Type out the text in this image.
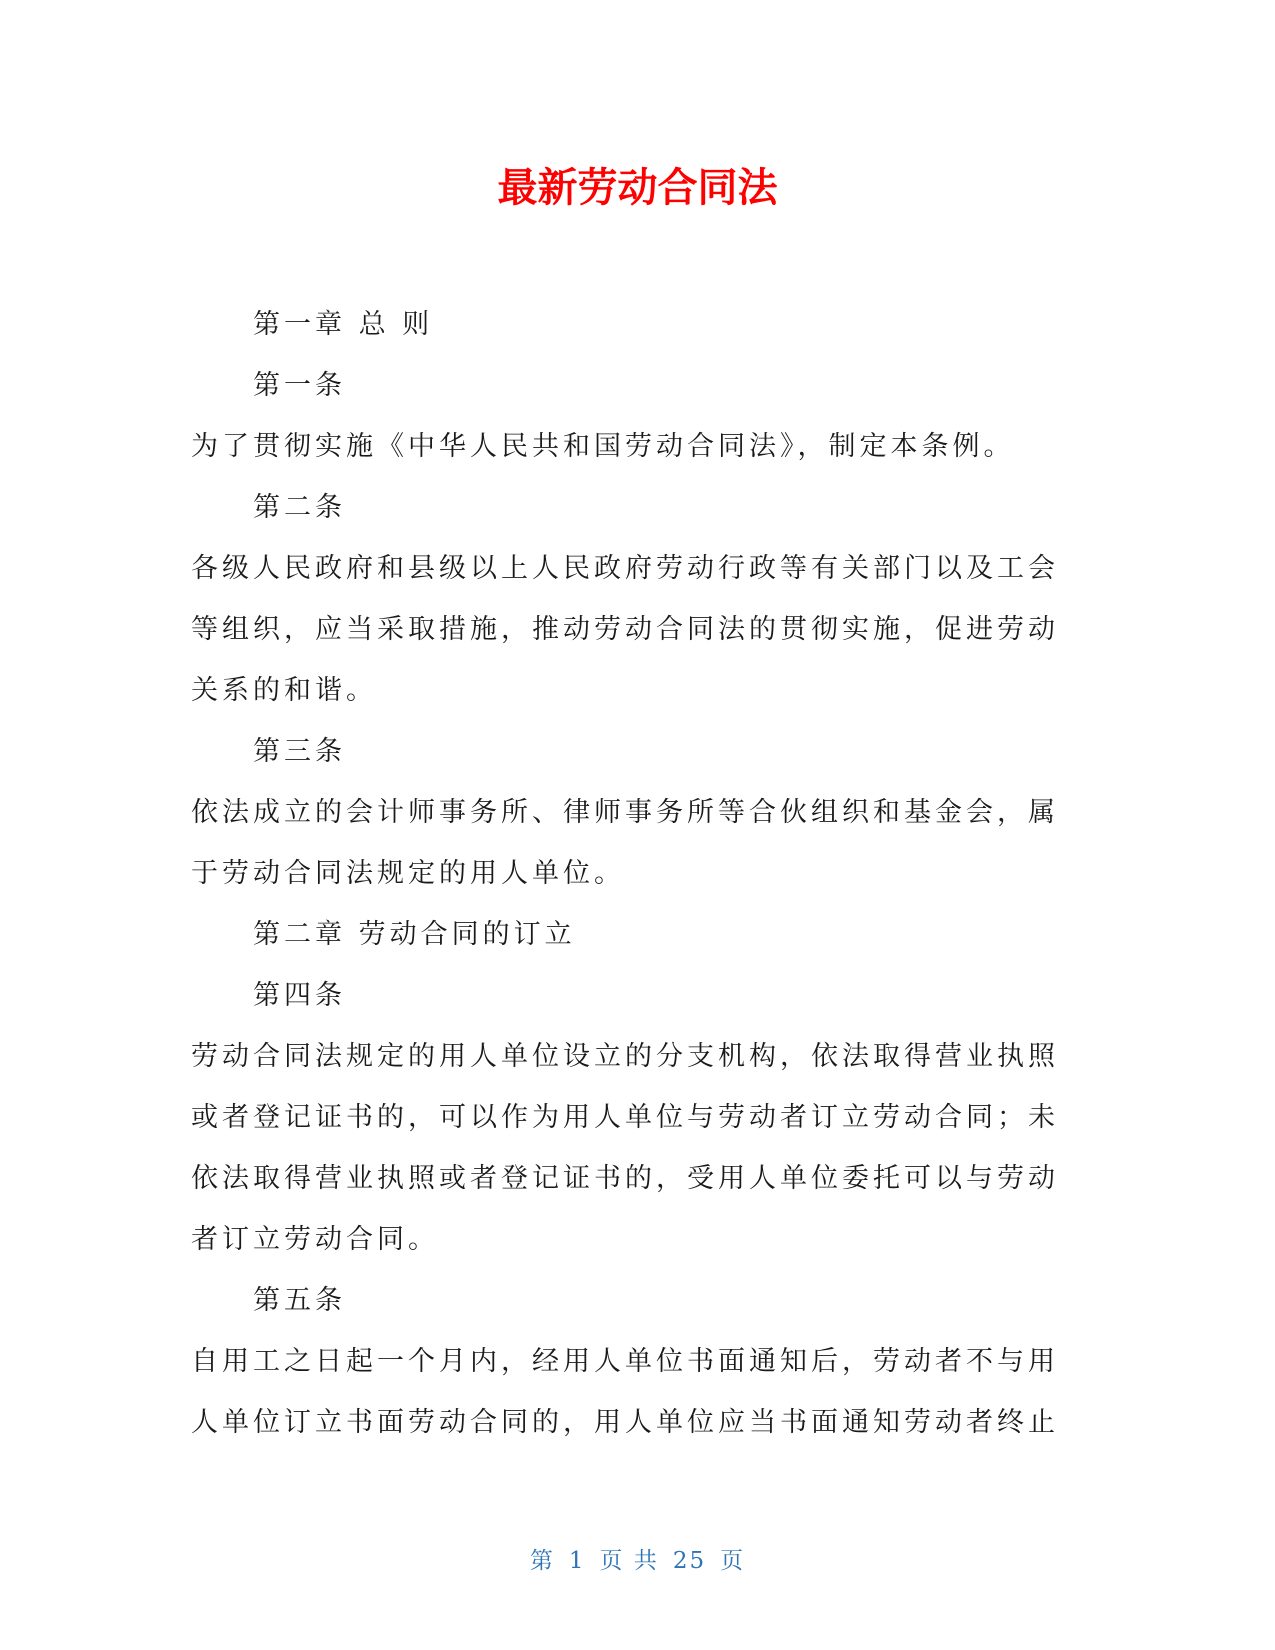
最新劳动合同法
第一章 总 则
第一条
为了贯彻实施《中华人民共和国劳动合同法》，制定本条例。
第二条
各级人民政府和县级以上人民政府劳动行政等有关部门以及工会
等组织，应当采取措施，推动劳动合同法的贯彻实施，促进劳动
关系的和谐。
第三条
依法成立的会计师事务所、律师事务所等合伙组织和基金会，属
于劳动合同法规定的用人单位。
第二章 劳动合同的订立
第四条
劳动合同法规定的用人单位设立的分支机构，依法取得营业执照
或者登记证书的，可以作为用人单位与劳动者订立劳动合同；未
依法取得营业执照或者登记证书的，受用人单位委托可以与劳动
者订立劳动合同。
第五条
自用工之日起一个月内，经用人单位书面通知后，劳动者不与用
人单位订立书面劳动合同的，用人单位应当书面通知劳动者终止
第 1 页 共 25 页
